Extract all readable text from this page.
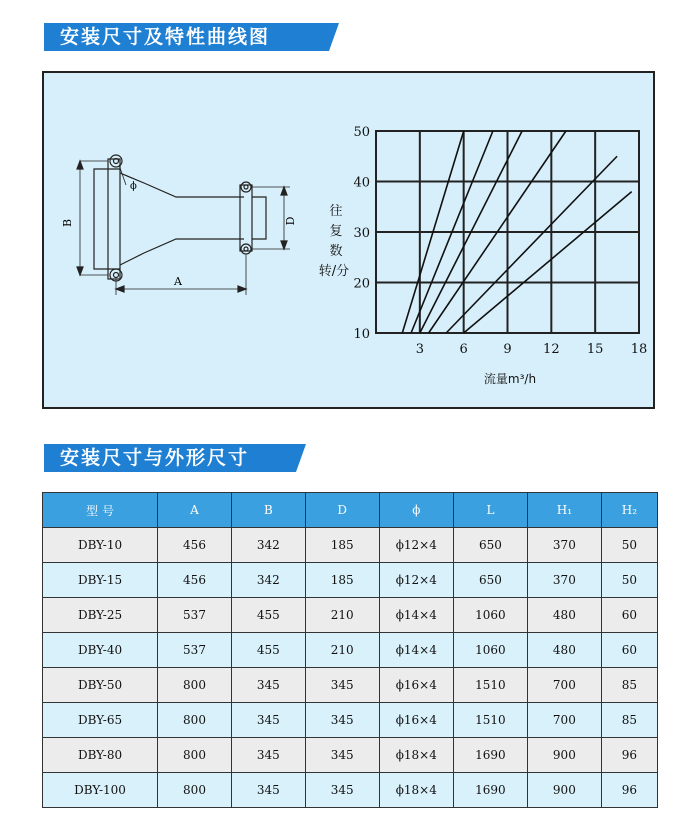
安装尺寸及特性曲线图
B	D
A
ϕ
10
20
30
40
50
3	6	9 12 15 18
往
复
数
转/分
流量m³/h
安装尺寸与外形尺寸
型 号	A	B	D	ϕ	L	H₁	H₂
DBY-10	456	342	185	ϕ12×4	650	370	50
DBY-15	456	342	185	ϕ12×4	650	370	50
DBY-25	537	455	210	ϕ14×4	1060	480	60
DBY-40	537	455	210	ϕ14×4	1060	480	60
DBY-50	800	345	345	ϕ16×4	1510	700	85
DBY-65	800	345	345	ϕ16×4	1510	700	85
DBY-80	800	345	345	ϕ18×4	1690	900	96
DBY-100	800	345	345	ϕ18×4	1690	900	96
